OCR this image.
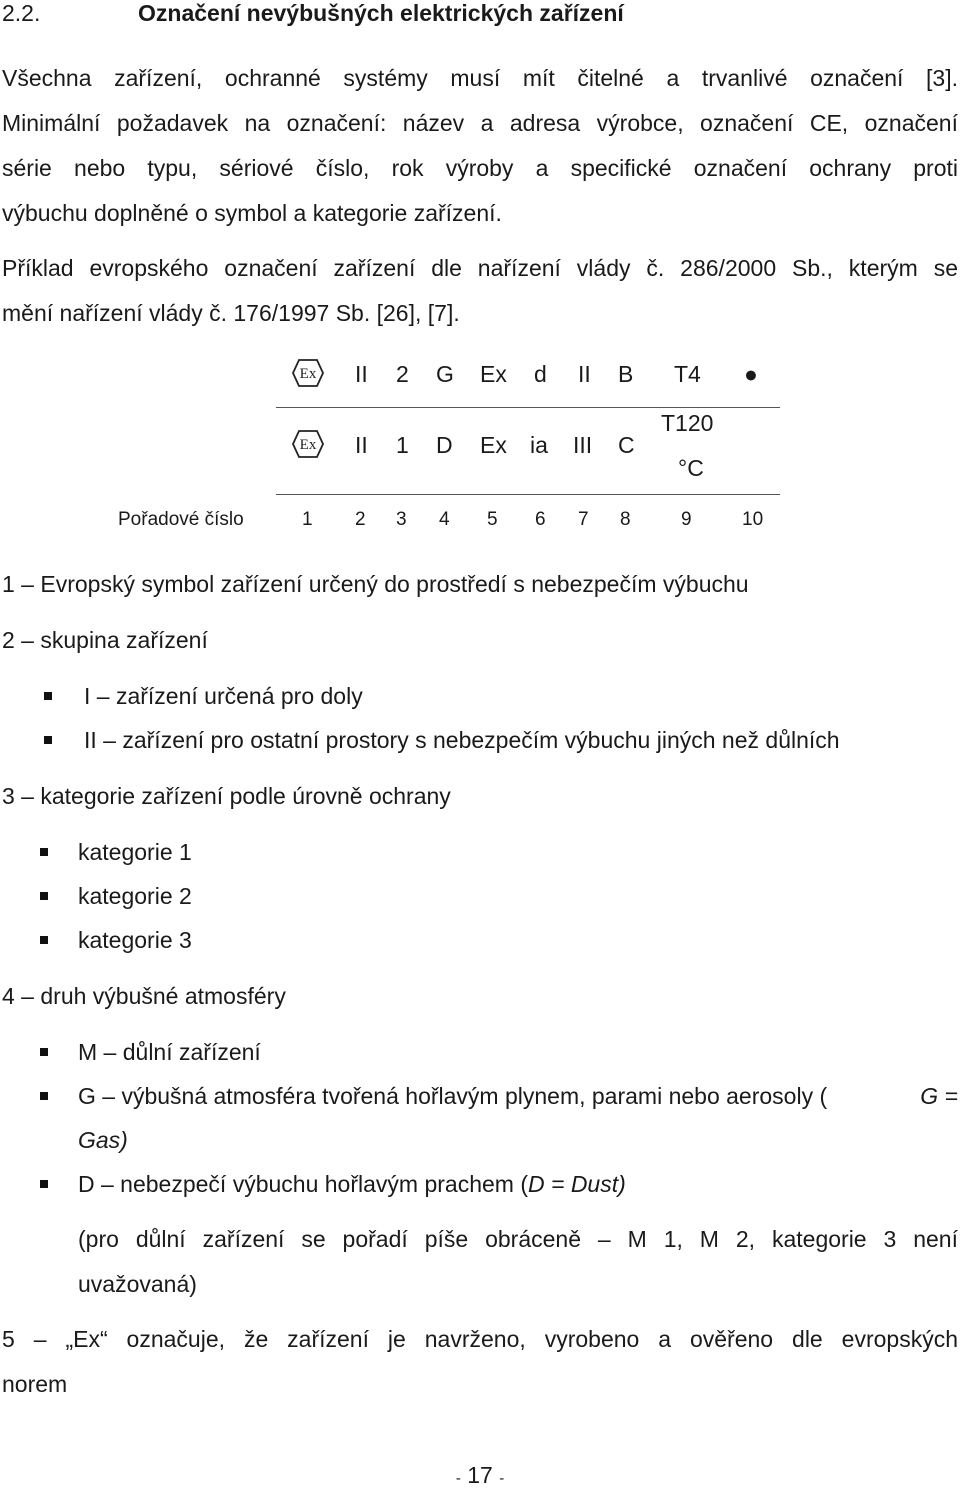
2.2.	Označení nevýbušných elektrických zařízení
Všechna zařízení, ochranné systémy musí mít čitelné a trvanlivé označení [3].
Minimální požadavek na označení: název a adresa výrobce, označení CE, označení
série nebo typu, sériové číslo, rok výroby a specifické označení ochrany proti
výbuchu doplněné o symbol a kategorie zařízení.
Příklad evropského označení zařízení dle nařízení vlády č. 286/2000 Sb., kterým se
mění nařízení vlády č. 176/1997 Sb. [26], [7].
Ex II 2 G Ex d II B T4 ●
Ex II 1 D Ex ia III C
T120
°C
Pořadové číslo	1 2 3 4 5 6 7 8	9	10
1 – Evropský symbol zařízení určený do prostředí s nebezpečím výbuchu
2 – skupina zařízení
I – zařízení určená pro doly
II – zařízení pro ostatní prostory s nebezpečím výbuchu jiných než důlních
3 – kategorie zařízení podle úrovně ochrany
kategorie 1
kategorie 2
kategorie 3
4 – druh výbušné atmosféry
M – důlní zařízení
G – výbušná atmosféra tvořená hořlavým plynem, parami nebo aerosoly (	G =
Gas)
D – nebezpečí výbuchu hořlavým prachem (D = Dust)
(pro důlní zařízení se pořadí píše obráceně – M 1, M 2, kategorie 3 není
uvažovaná)
5 – „Ex“ označuje, že zařízení je navrženo, vyrobeno a ověřeno dle evropských
norem
- 17 -
